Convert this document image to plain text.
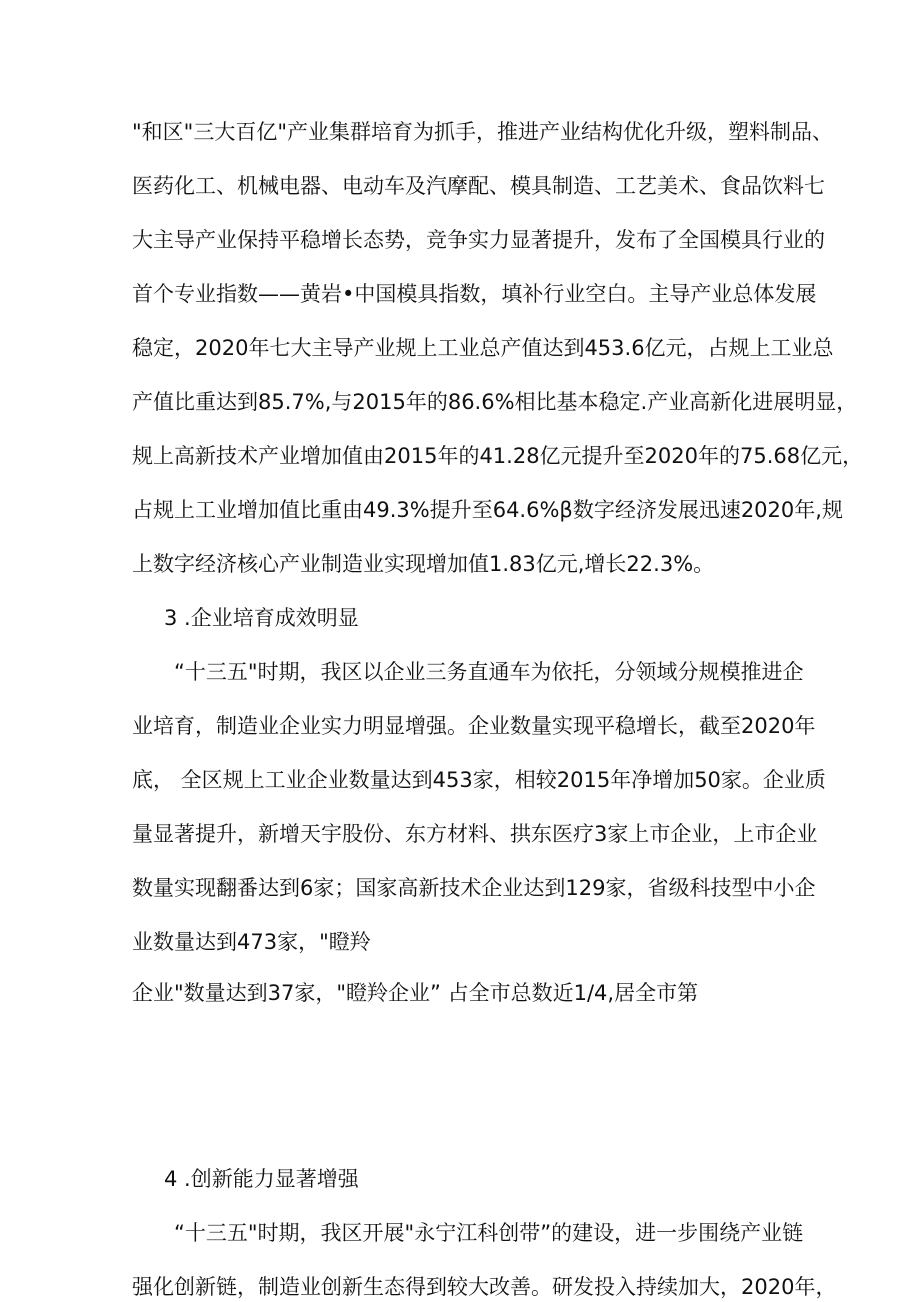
"和区"三大百亿"产业集群培育为抓手，推进产业结构优化升级，塑料制品、
医药化工、机械电器、电动车及汽摩配、模具制造、工艺美术、食品饮料七
大主导产业保持平稳增长态势，竞争实力显著提升，发布了全国模具行业的
首个专业指数——黄岩•中国模具指数，填补行业空白。主导产业总体发展
稳定，2020年七大主导产业规上工业总产值达到453.6亿元，占规上工业总
产值比重达到85.7%,与2015年的86.6%相比基本稳定.产业高新化进展明显，
规上高新技术产业增加值由2015年的41.28亿元提升至2020年的75.68亿元，
占规上工业增加值比重由49.3%提升至64.6%β数字经济发展迅速2020年,规
上数字经济核心产业制造业实现增加值1.83亿元,增长22.3%。
3 .企业培育成效明显
“十三五"时期，我区以企业三务直通车为依托，分领域分规模推进企
业培育，制造业企业实力明显增强。企业数量实现平稳增长，截至2020年
底， 全区规上工业企业数量达到453家，相较2015年净增加50家。企业质
量显著提升，新增天宇股份、东方材料、拱东医疗3家上市企业，上市企业
数量实现翻番达到6家；国家高新技术企业达到129家，省级科技型中小企
业数量达到473家，"瞪羚
企业"数量达到37家，"瞪羚企业” 占全市总数近1/4,居全市第
4 .创新能力显著增强
“十三五"时期，我区开展"永宁江科创带”的建设，进一步围绕产业链
强化创新链，制造业创新生态得到较大改善。研发投入持续加大，2020年，
